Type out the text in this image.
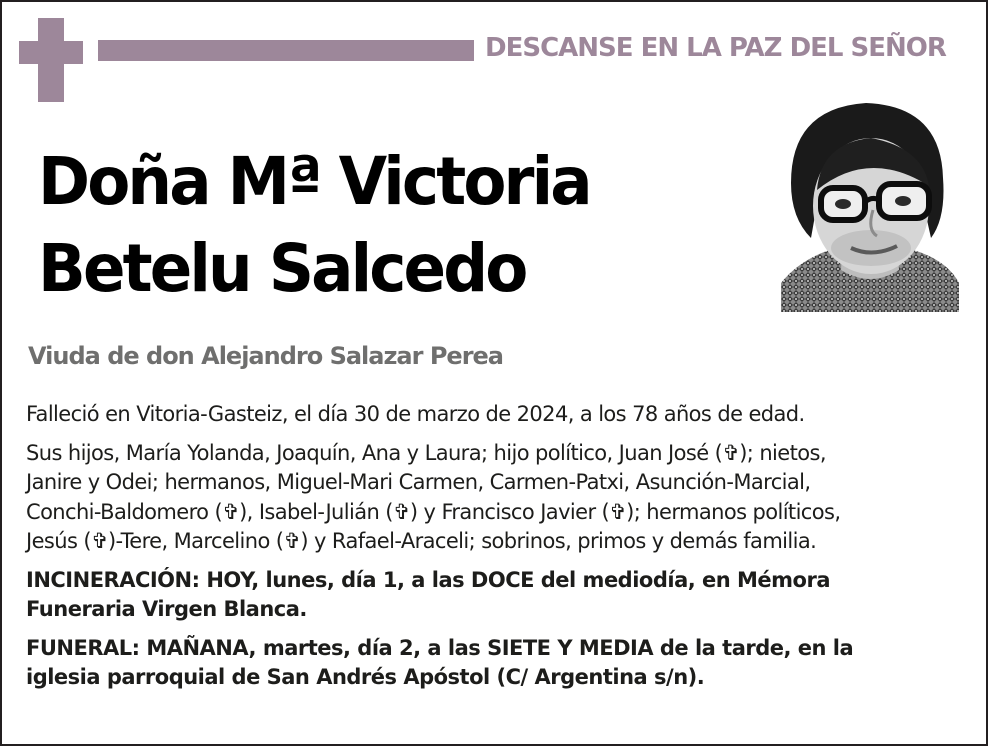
DESCANSE EN LA PAZ DEL SEÑOR
Doña Mª Victoria
Betelu Salcedo
Viuda de don Alejandro Salazar Perea

Falleció en Vitoria-Gasteiz, el día 30 de marzo de 2024, a los 78 años de edad.

Sus hijos, María Yolanda, Joaquín, Ana y Laura; hijo político, Juan José (✞); nietos,
Janire y Odei; hermanos, Miguel-Mari Carmen, Carmen-Patxi, Asunción-Marcial,
Conchi-Baldomero (✞), Isabel-Julián (✞) y Francisco Javier (✞); hermanos políticos,
Jesús (✞)-Tere, Marcelino (✞) y Rafael-Araceli; sobrinos, primos y demás familia.

INCINERACIÓN: HOY, lunes, día 1, a las DOCE del mediodía, en Mémora
Funeraria Virgen Blanca.

FUNERAL: MAÑANA, martes, día 2, a las SIETE Y MEDIA de la tarde, en la
iglesia parroquial de San Andrés Apóstol (C/ Argentina s/n).
